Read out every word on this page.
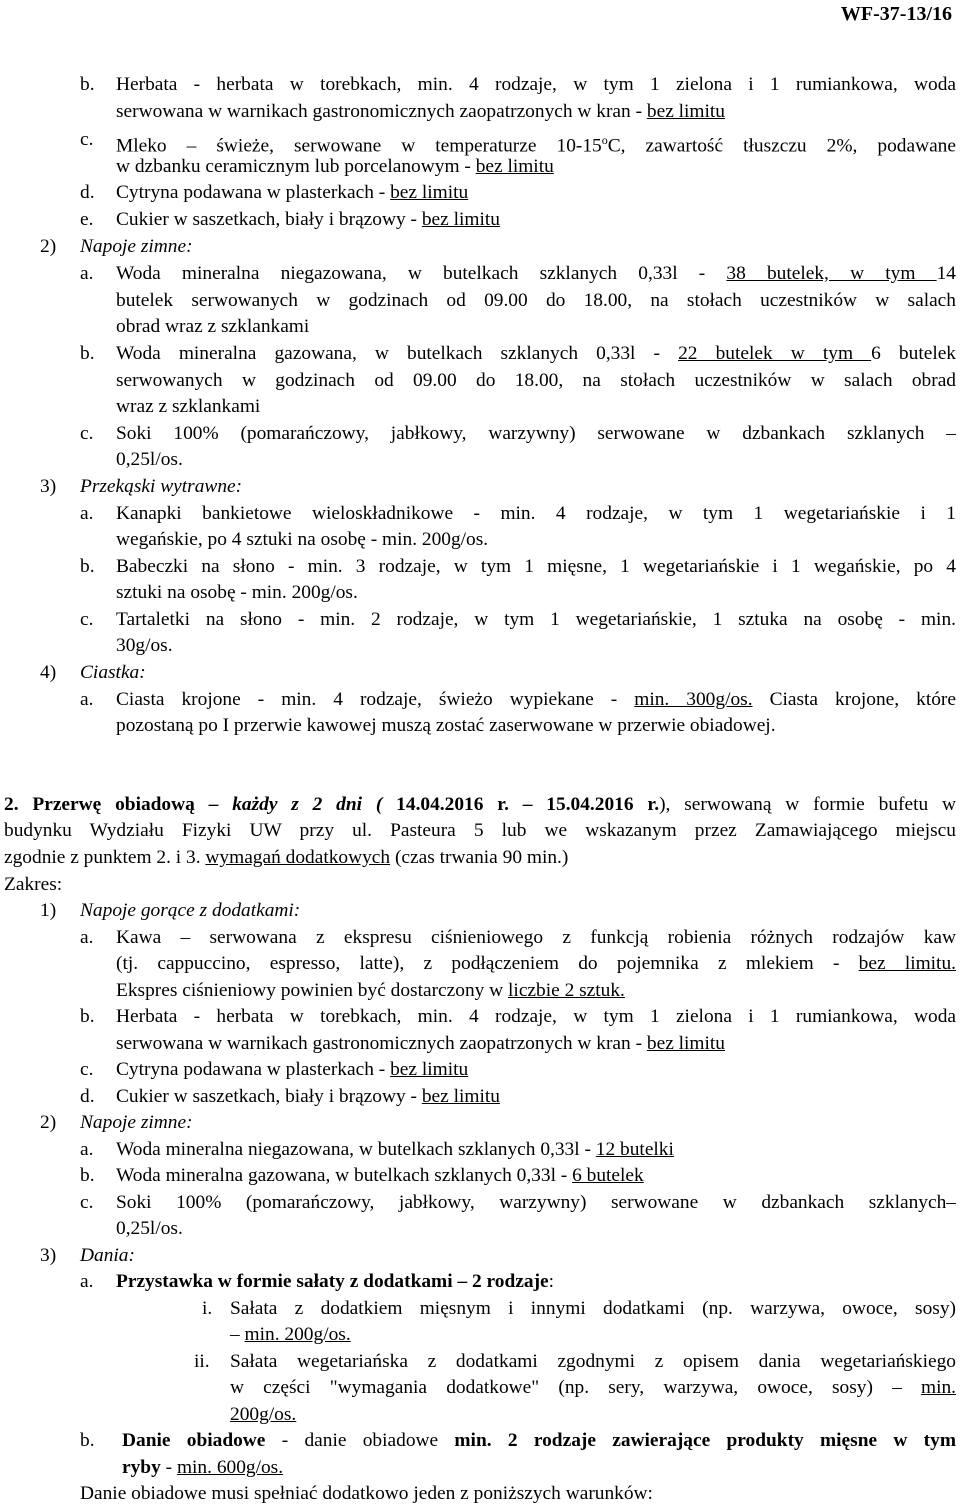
WF-37-13/16
b. Herbata - herbata w torebkach, min. 4 rodzaje, w tym 1 zielona i 1 rumiankowa, woda
serwowana w warnikach gastronomicznych zaopatrzonych w kran - bez limitu
c. Mleko – świeże, serwowane w temperaturze 10-15$^o$C, zawartość tłuszczu 2%, podawane
w dzbanku ceramicznym lub porcelanowym - bez limitu
d. Cytryna podawana w plasterkach - bez limitu
e. Cukier w saszetkach, biały i brązowy - bez limitu
2) Napoje zimne:
a. Woda mineralna niegazowana, w butelkach szklanych 0,33l - 38 butelek, w tym 14
butelek serwowanych w godzinach od 09.00 do 18.00, na stołach uczestników w salach
obrad wraz z szklankami
b. Woda mineralna gazowana, w butelkach szklanych 0,33l - 22 butelek w tym 6 butelek
serwowanych w godzinach od 09.00 do 18.00, na stołach uczestników w salach obrad
wraz z szklankami
c. Soki 100% (pomarańczowy, jabłkowy, warzywny) serwowane w dzbankach szklanych –
0,25l/os.
3) Przekąski wytrawne:
a. Kanapki bankietowe wieloskładnikowe - min. 4 rodzaje, w tym 1 wegetariańskie i 1
wegańskie, po 4 sztuki na osobę - min. 200g/os.
b. Babeczki na słono - min. 3 rodzaje, w tym 1 mięsne, 1 wegetariańskie i 1 wegańskie, po 4
sztuki na osobę - min. 200g/os.
c. Tartaletki na słono - min. 2 rodzaje, w tym 1 wegetariańskie, 1 sztuka na osobę - min.
30g/os.
4) Ciastka:
a. Ciasta krojone - min. 4 rodzaje, świeżo wypiekane - min. 300g/os. Ciasta krojone, które
pozostaną po I przerwie kawowej muszą zostać zaserwowane w przerwie obiadowej.
2. Przerwę obiadową – każdy z 2 dni ( 14.04.2016 r. – 15.04.2016 r.), serwowaną w formie bufetu w
budynku Wydziału Fizyki UW przy ul. Pasteura 5 lub we wskazanym przez Zamawiającego miejscu
zgodnie z punktem 2. i 3. wymagań dodatkowych (czas trwania 90 min.)
Zakres:
1) Napoje gorące z dodatkami:
a. Kawa – serwowana z ekspresu ciśnieniowego z funkcją robienia różnych rodzajów kaw
(tj. cappuccino, espresso, latte), z podłączeniem do pojemnika z mlekiem - bez limitu.
Ekspres ciśnieniowy powinien być dostarczony w liczbie 2 sztuk.
b. Herbata - herbata w torebkach, min. 4 rodzaje, w tym 1 zielona i 1 rumiankowa, woda
serwowana w warnikach gastronomicznych zaopatrzonych w kran - bez limitu
c. Cytryna podawana w plasterkach - bez limitu
d. Cukier w saszetkach, biały i brązowy - bez limitu
2) Napoje zimne:
a. Woda mineralna niegazowana, w butelkach szklanych 0,33l - 12 butelki
b. Woda mineralna gazowana, w butelkach szklanych 0,33l - 6 butelek
c. Soki 100% (pomarańczowy, jabłkowy, warzywny) serwowane w dzbankach szklanych–
0,25l/os.
3) Dania:
a. Przystawka w formie sałaty z dodatkami – 2 rodzaje:
i. Sałata z dodatkiem mięsnym i innymi dodatkami (np. warzywa, owoce, sosy)
– min. 200g/os.
ii. Sałata wegetariańska z dodatkami zgodnymi z opisem dania wegetariańskiego
w części "wymagania dodatkowe" (np. sery, warzywa, owoce, sosy) – min.
200g/os.
b. Danie obiadowe - danie obiadowe min. 2 rodzaje zawierające produkty mięsne w tym
ryby - min. 600g/os.
Danie obiadowe musi spełniać dodatkowo jeden z poniższych warunków:
